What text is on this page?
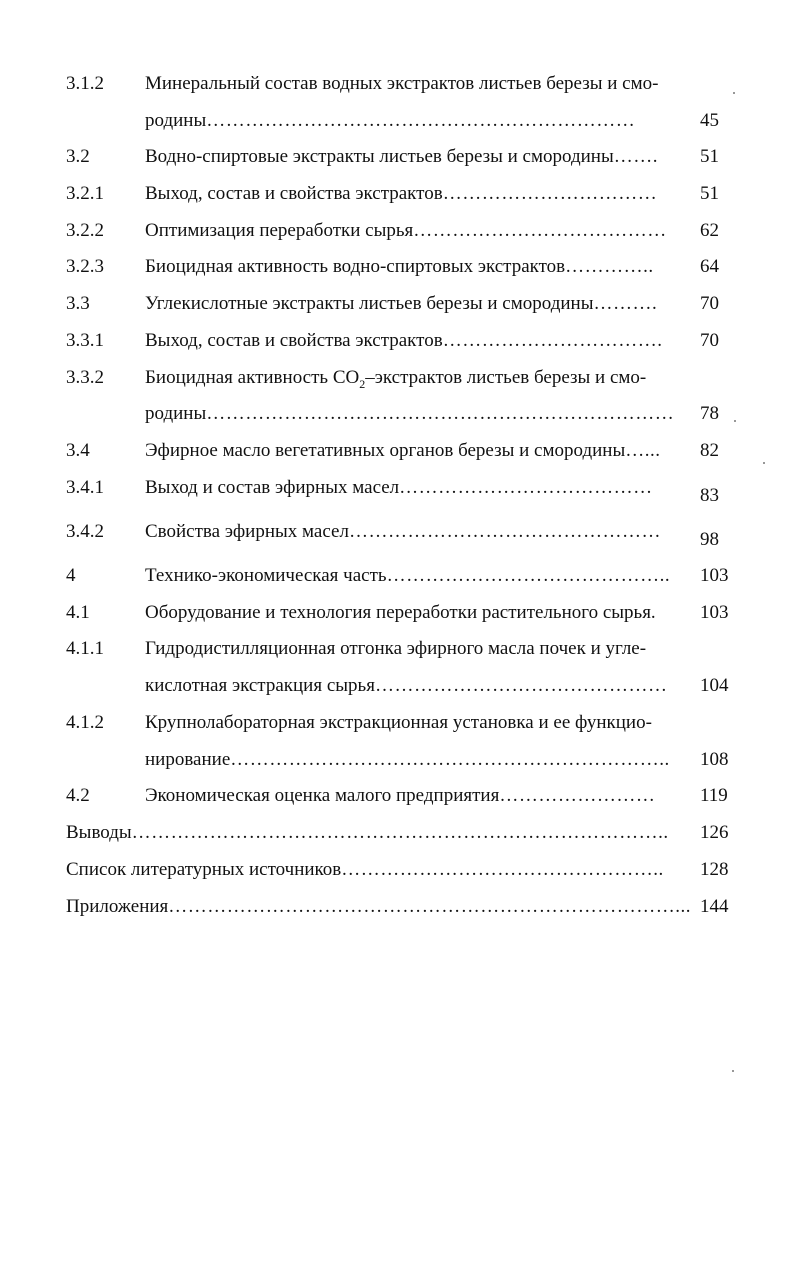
3.1.2 Минеральный состав водных экстрактов листьев березы и смо-
родины…………………………………………………………	45
3.2	Водно-спиртовые экстракты листьев березы и смородины……. 51
3.2.1 Выход, состав и свойства экстрактов…………………………… 51
3.2.2 Оптимизация переработки сырья………………………………… 62
3.2.3 Биоцидная активность водно-спиртовых экстрактов………….. 64
3.3	Углекислотные экстракты листьев березы и смородины………. 70
3.3.1 Выход, состав и свойства экстрактов……………………………. 70
3.3.2 Биоцидная активность $СО_2$–экстрактов листьев березы и смо-
родины……………………………………………………………… 78
3.4	Эфирное масло вегетативных органов березы и смородины…... 82
3.4.1 Выход и состав эфирных масел………………………………… 83
3.4.2 Свойства эфирных масел………………………………………… 98
4	Технико-экономическая часть…………………………………….. 103
4.1	Оборудование и технология переработки растительного сырья. 103
4.1.1 Гидродистилляционная отгонка эфирного масла почек и угле-
кислотная экстракция сырья……………………………………… 104
4.1.2 Крупнолабораторная экстракционная установка и ее функцио-
нирование………………………………………………………….. 108
4.2	Экономическая оценка малого предприятия…………………… 119
Выводы……………………………………………………………………….. 126
Список литературных источников………………………………………….. 128
Приложения……………………………………………………………………... 144
